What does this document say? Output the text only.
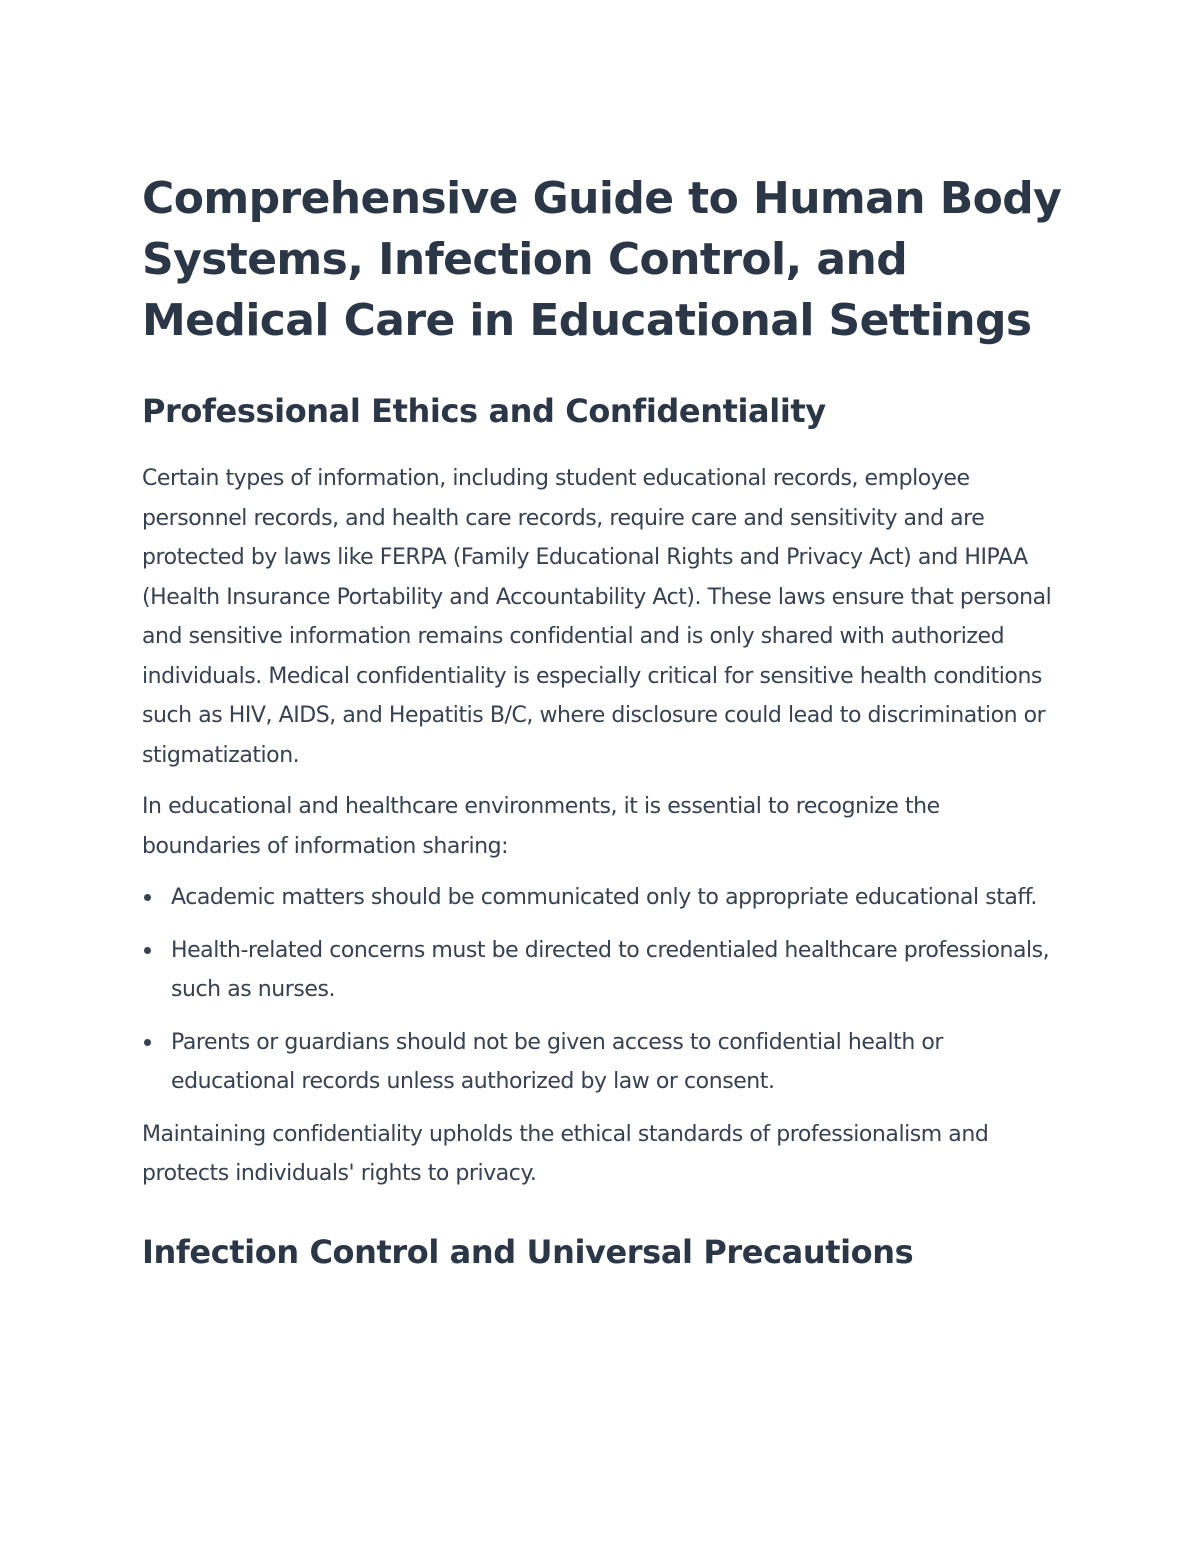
Comprehensive Guide to Human Body Systems, Infection Control, and Medical Care in Educational Settings
Professional Ethics and Confidentiality

Certain types of information, including student educational records, employee personnel records, and health care records, require care and sensitivity and are protected by laws like FERPA (Family Educational Rights and Privacy Act) and HIPAA (Health Insurance Portability and Accountability Act). These laws ensure that personal and sensitive information remains confidential and is only shared with authorized individuals. Medical confidentiality is especially critical for sensitive health conditions such as HIV, AIDS, and Hepatitis B/C, where disclosure could lead to discrimination or stigmatization.

In educational and healthcare environments, it is essential to recognize the boundaries of information sharing:

Academic matters should be communicated only to appropriate educational staff.
Health-related concerns must be directed to credentialed healthcare professionals, such as nurses.
Parents or guardians should not be given access to confidential health or educational records unless authorized by law or consent.

Maintaining confidentiality upholds the ethical standards of professionalism and protects individuals' rights to privacy.

Infection Control and Universal Precautions
